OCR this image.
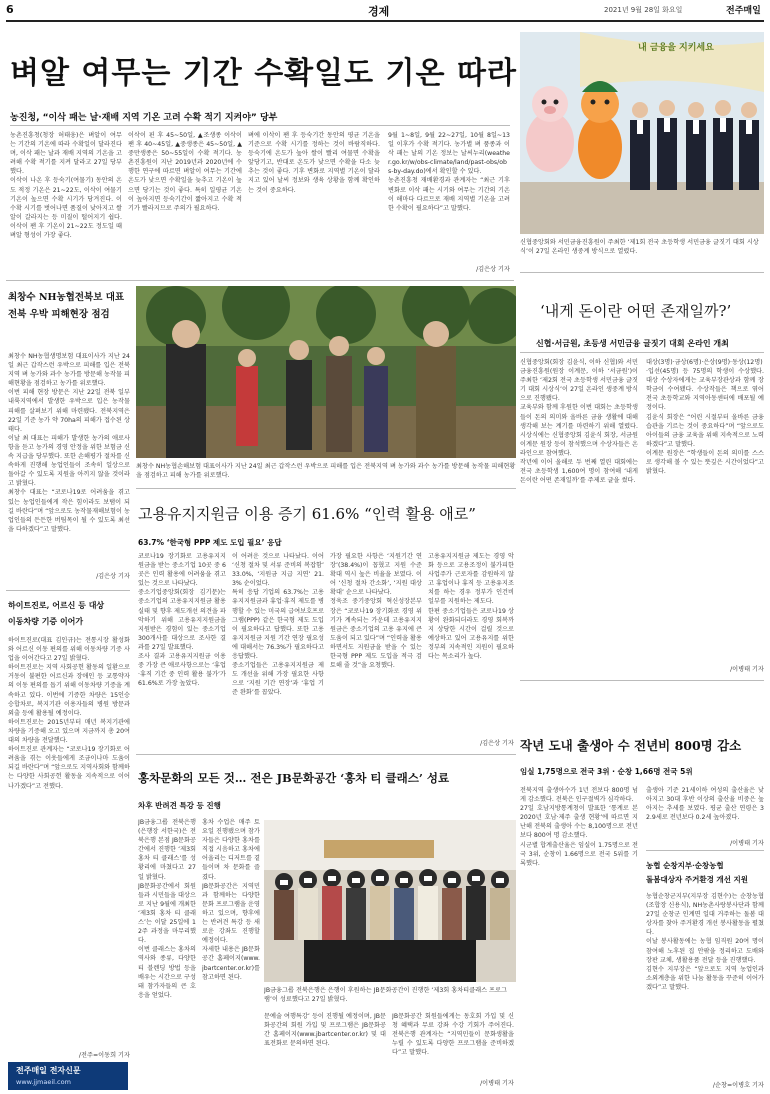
6	경제	2021년 9월 28일 화요일	전주매일
벼알 여무는 기간 수확일도 기온 따라
농진청, “이삭 패는 날·재배 지역 기온 고려 수확 적기 지켜야” 당부
농촌진흥청(청장 허태웅)은 벼알이 여무는 기간의 기온에 따라 수확일이 달라진다며, 이삭 패는 날과 재배 지역의 기온을 고려해 수확 적기를 지켜 달라고 27일 당부했다.
이삭이 나온 후 등숙기(여물기) 동안의 온도 적정 기온은 21~22도, 이삭이 여물기 기온이 높으면 수확 시기가 당겨진다. 이 수확 시기를 벗어나면 품질이 낮아지고 쌀알이 갈라지는 등 미질이 떨어지기 쉽다. 이삭이 팬 후 기온이 21~22도 정도일 때 벼알 형성이 가장 좋다.
이삭이 핀 후 45~50일, ▲조생종 이삭이 팬 후 40~45일, ▲중생종은 45~50일, ▲중만생종은 50~55일이 수확 적기다. 농촌진흥원이 지난 2019년과 2020년에 수행한 연구에 따르면 벼알이 여무는 기간에 온도가 낮으면 수확일을 늦추고 기온이 높으면 당기는 것이 좋다. 특히 일평균 기온이 높아지면 등숙기간이 짧아지고 수확 적기가 빨라지므로 주의가 필요하다.
벼에 이삭이 팬 후 등숙기간 동안의 평균 기온을 기준으로 수확 시기를 정하는 것이 바람직하다. 등숙기에 온도가 높아 쌀이 빨리 여물면 수확을 앞당기고, 반대로 온도가 낮으면 수확을 다소 늦추는 것이 좋다. 기후 변화로 지역별 기온이 달라지고 있어 날씨 정보와 생육 상황을 함께 확인하는 것이 중요하다.
9월 1~8일, 9월 22~27일, 10월 8일~13일 이후가 수확 적기다. 농가별 벼 품종과 이삭 패는 날의 기온 정보는 날씨누리(weather.go.kr/w/obs-climate/land/past-obs/obs-by-day.do)에서 확인할 수 있다.
농촌진흥청 재배환경과 관계자는 “최근 기후변화로 이삭 패는 시기와 여무는 기간의 기온이 해마다 다르므로 재배 지역별 기온을 고려한 수확이 필요하다”고 말했다.
/김은상 기자
내 금융을 지키세요
신협중앙회와 서민금융진흥원이 주최한 ‘제1회 전국 초등학생 서민금융 글짓기 대회 시상식’이 27일 온라인 생중계 방식으로 열렸다.
‘내게 돈이란 어떤 존재일까?’
신협·서금원, 초등생 서민금융 글짓기 대회 온라인 개최
신협중앙회(회장 김윤식, 이하 신협)와 서민금융진흥원(원장 이계문, 이하 ‘서금원’)이 주최한 ‘제2회 전국 초등학생 서민금융 글짓기 대회 시상식’이 27일 온라인 생중계 방식으로 진행됐다.
교육부와 함께 후원한 이번 대회는 초등학생들이 돈의 의미와 올바른 금융 생활에 대해 생각해 보는 계기를 마련하기 위해 열렸다. 시상식에는 신협중앙회 김윤식 회장, 서금원 이계문 원장 등이 참석했으며 수상자들은 온라인으로 참여했다.
작년에 이어 올해로 두 번째 열린 대회에는 전국 초등학생 1,600여 명이 참여해 ‘내게 돈이란 어떤 존재일까’를 주제로 글을 썼다.
대상(3명)·금상(6명)·은상(9명)·동상(12명)·입선(45명) 등 75명의 학생이 수상했다. 대상 수상자에게는 교육부장관상과 함께 장학금이 수여됐다. 수상작들은 책으로 엮어 전국 초등학교와 지역아동센터에 배포될 예정이다.
김윤식 회장은 “어린 시절부터 올바른 금융 습관을 기르는 것이 중요하다”며 “앞으로도 아이들의 금융 교육을 위해 지속적으로 노력하겠다”고 말했다.
이계문 원장은 “학생들이 돈의 의미를 스스로 생각해 볼 수 있는 뜻깊은 시간이었다”고 밝혔다.
/이병태 기자
최창수 NH농협전북보 대표
전북 우박 피해현장 점검
최창수 NH농협생명보험 대표이사가 지난 24일 최근 갑작스런 우박으로 피해를 입은 전북지역 벼 농가와 과수 농가를 방문해 농작물 피해현황을 점검하고 농가를 위로했다.
이번 피해 현장 방문은 지난 22일 전북 일부 내륙지역에서 발생한 우박으로 입은 농작물 피해를 살펴보기 위해 마련됐다. 전북지역은 22일 기준 농가 약 70ha의 피해가 접수된 상태다.
이날 최 대표는 피해가 발생한 농가의 애로사항을 듣고 농가의 경영 안정을 위한 보험금 신속 지급을 당부했다. 또한 손해평가 절차를 신속하게 진행해 농업인들이 조속히 일상으로 돌아갈 수 있도록 지원을 아끼지 않을 것이라고 밝혔다.
최창수 대표는 “코로나19로 어려움을 겪고 있는 농업인들에게 작은 힘이라도 보탬이 되길 바란다”며 “앞으로도 농작물재해보험이 농업인들의 든든한 버팀목이 될 수 있도록 최선을 다하겠다”고 말했다.
/김은상 기자
최창수 NH농협손해보험 대표이사가 지난 24일 최근 갑작스런 우박으로 피해를 입은 전북지역 벼 농가와 과수 농가를 방문해 농작물 피해현황을 점검하고 피해 농가를 위로했다.
고용유지지원금 이용 증기 61.6% “인력 활용 애로”
63.7% ‘한국형 PPP 제도 도입 필요’ 응답
코로나19 장기화로 고용유지지원금을 받는 중소기업 10곳 중 6곳은 인력 활용에 어려움을 겪고 있는 것으로 나타났다.
중소기업중앙회(회장 김기문)는 중소기업의 고용유지지원금 활용 실태 및 향후 제도개선 의견을 파악하기 위해 고용유지지원금을 지원받은 경험이 있는 중소기업 300개사를 대상으로 조사한 결과를 27일 발표했다.
조사 결과 고용유지지원금 이용 중 가장 큰 애로사항으로는 ‘휴업·휴직 기간 중 인력 활용 불가’가 61.6%로 가장 높았다.
이 어려운 것으로 나타났다. 이어 ‘신청 절차 및 서류 준비의 복잡함’ 33.0%, ‘지원금 지급 지연’ 21.3% 순이었다.
특히 응답 기업의 63.7%는 고용유지지원금과 휴업·휴직 제도를 병행할 수 있는 미국의 급여보호프로그램(PPP) 같은 한국형 제도 도입이 필요하다고 답했다. 또한 고용유지지원금 지원 기간 연장 필요성에 대해서는 76.3%가 필요하다고 응답했다.
중소기업들은 고용유지지원금 제도 개선을 위해 가장 필요한 사항으로 ‘지원 기간 연장’과 ‘휴업 기준 완화’를 꼽았다.
가장 필요한 사항은 ‘지원기간 연장’(38.4%)이 꼽혔고 지원 수준 확대 역시 높은 비율을 보였다. 이어 ‘신청 절차 간소화’, ‘지원 대상 확대’ 순으로 나타났다.
정욱조 중기중앙회 혁신성장본부장은 “코로나19 장기화로 경영 위기가 계속되는 가운데 고용유지지원금은 중소기업의 고용 유지에 큰 도움이 되고 있다”며 “인력을 활용하면서도 지원금을 받을 수 있는 한국형 PPP 제도 도입을 적극 검토해 줄 것”을 요청했다.
고용유지지원금 제도는 경영 악화 등으로 고용조정이 불가피한 사업주가 근로자를 감원하지 않고 휴업이나 휴직 등 고용유지조치를 하는 경우 정부가 인건비 일부를 지원하는 제도다.
한편 중소기업들은 코로나19 상황이 완화되더라도 경영 회복까지 상당한 시간이 걸릴 것으로 예상하고 있어 고용유지를 위한 정부의 지속적인 지원이 필요하다는 목소리가 높다.
/김은상 기자
하이트진로, 어르신 등 대상
이동차량 기증 이어가
하이트진로(대표 김인규)는 전통시장 활성화와 어르신 이동 편의를 위해 이동차량 기증 사업을 이어간다고 27일 밝혔다.
하이트진로는 지역 사회공헌 활동의 일환으로 거동이 불편한 어르신과 장애인 등 교통약자의 이동 편의를 돕기 위해 이동차량 기증을 계속하고 있다. 이번에 기증한 차량은 15인승 승합차로, 복지기관 이용자들의 병원 방문과 외출 등에 활용될 예정이다.
하이트진로는 2015년부터 매년 복지기관에 차량을 기증해 오고 있으며 지금까지 총 20여 대의 차량을 전달했다.
하이트진로 관계자는 “코로나19 장기화로 어려움을 겪는 이웃들에게 조금이나마 도움이 되길 바란다”며 “앞으로도 지역사회와 함께하는 다양한 사회공헌 활동을 지속적으로 이어나가겠다”고 전했다.
/전주=이동희 기자
전주매일 전자신문
www.jjmaeil.com
홍차문화의 모든 것… 전은 JB문화공간 ‘홍차 티 클래스’ 성료
차후 반려견 특강 등 진행
JB금융그룹 전북은행(은행장 서한국)은 전북은행 본점 JB문화공간에서 진행한 ‘제3회 홍차 티 클래스’를 성황리에 마쳤다고 27일 밝혔다.
JB문화공간에서 회원들과 시민들을 대상으로 지난 9월에 개최한 ‘제3회 홍차 티 클래스’는 이달 25일에 12주 과정을 마무리했다.
이번 클래스는 홍차의 역사와 종류, 다양한 티 블렌딩 방법 등을 배우는 시간으로 구성돼 참가자들의 큰 호응을 얻었다.
홍차 수업은 매주 토요일 진행됐으며 참가자들은 다양한 홍차를 직접 시음하고 홍차에 어울리는 디저트를 곁들이며 차 문화를 즐겼다.
JB문화공간은 지역민과 함께하는 다양한 문화 프로그램을 운영하고 있으며, 향후에는 반려견 특강 등 새로운 강좌도 진행할 예정이다.
자세한 내용은 JB문화공간 홈페이지(www.jbartcenter.or.kr)를 참고하면 된다.
JB금융그룹 전북은행은 은행이 후원하는 JB문화공간이 진행한 ‘제3회 홍차티클래스 프로그램’이 성료했다고 27일 밝혔다.
문예술 여행특강’ 등이 진행될 예정이며, JB문화공간의 회원 가입 및 프로그램은 JB문화공간 홈페이지(www.jbartcenter.or.kr) 및 대표전화로 문의하면 된다.
JB문화공간 회원들에게는 동호회 가입 및 신청 혜택과 무료 강좌 수강 기회가 주어진다. 전북은행 관계자는 “지역민들이 문화생활을 누릴 수 있도록 다양한 프로그램을 준비하겠다”고 말했다.
/이병태 기자
작년 도내 출생아 수 전년비 800명 감소
임실 1,75명으로 전국 3위 · 순창 1,66명 전국 5위
전북지역 출생아수가 1년 전보다 800명 넘게 감소했다. 전북은 인구절벽가 심각하다.
27일 호남지방통계청이 발표한 ‘통계로 본 2020년 호남·제주 출생 현황’에 따르면 지난해 전북의 출생아 수는 8,100명으로 전년보다 800여 명 감소했다.
시군별 합계출산율은 임실이 1.75명으로 전국 3위, 순창이 1.66명으로 전국 5위를 기록했다.
출생아 기준 21세이하 여성의 출산율은 낮아지고 30대 후반 이상의 출산율 비중은 높아지는 추세를 보였다. 평균 출산 연령은 32.9세로 전년보다 0.2세 높아졌다.
/이병태 기자
농협 순창지부·순창농협
돌봄대상자 주거환경 개선 지원
농협순창군지부(지부장 김현수)는 순창농협(조합장 신용식), NH농촌사랑봉사단과 함께 27일 순창군 인계면 일대 거주하는 돌봄 대상자를 찾아 주거환경 개선 봉사활동을 펼쳤다.
이날 봉사활동에는 농협 임직원 20여 명이 참여해 노후된 집 안팎을 정리하고 도배와 장판 교체, 생활용품 전달 등을 진행했다.
김현수 지부장은 “앞으로도 지역 농업인과 소외계층을 위한 나눔 활동을 꾸준히 이어가겠다”고 말했다.
/순창=이병호 기자
